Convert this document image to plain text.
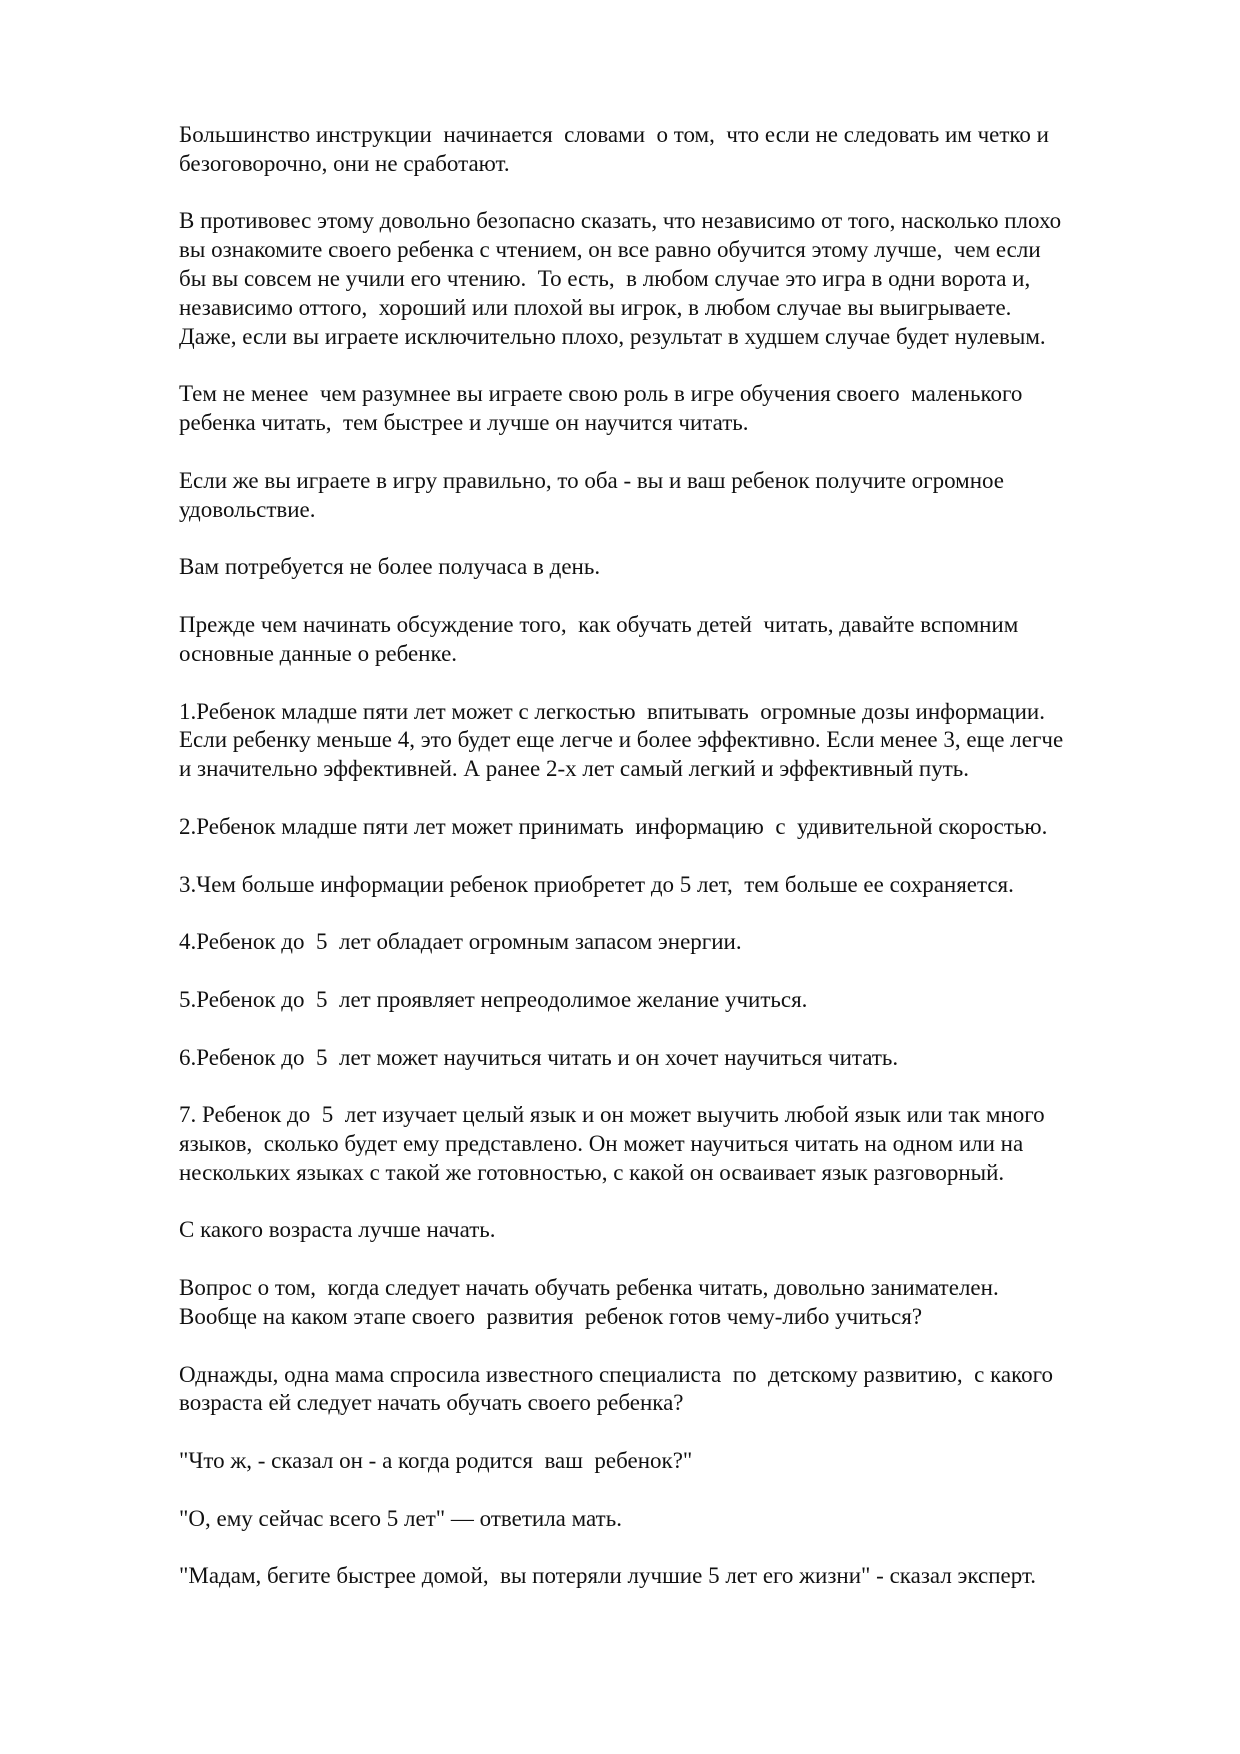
Большинство инструкции  начинается  словами  о том,  что если не следовать им четко и
безоговорочно, они не сработают.
В противовес этому довольно безопасно сказать, что независимо от того, насколько плохо
вы ознакомите своего ребенка с чтением, он все равно обучится этому лучше,  чем если
бы вы совсем не учили его чтению.  То есть,  в любом случае это игра в одни ворота и,
независимо оттого,  хороший или плохой вы игрок, в любом случае вы выигрываете.
Даже, если вы играете исключительно плохо, результат в худшем случае будет нулевым.
Тем не менее  чем разумнее вы играете свою роль в игре обучения своего  маленького
ребенка читать,  тем быстрее и лучше он научится читать.
Если же вы играете в игру правильно, то оба - вы и ваш ребенок получите огромное
удовольствие.
Вам потребуется не более получаса в день.
Прежде чем начинать обсуждение того,  как обучать детей  читать, давайте вспомним
основные данные о ребенке.
1.Ребенок младше пяти лет может с легкостью  впитывать  огромные дозы информации.
Если ребенку меньше 4, это будет еще легче и более эффективно. Если менее 3, еще легче
и значительно эффективней. А ранее 2-х лет самый легкий и эффективный путь.
2.Ребенок младше пяти лет может принимать  информацию  с  удивительной скоростью.
3.Чем больше информации ребенок приобретет до 5 лет,  тем больше ее сохраняется.
4.Ребенок до  5  лет обладает огромным запасом энергии.
5.Ребенок до  5  лет проявляет непреодолимое желание учиться.
6.Ребенок до  5  лет может научиться читать и он хочет научиться читать.
7. Ребенок до  5  лет изучает целый язык и он может выучить любой язык или так много
языков,  сколько будет ему представлено. Он может научиться читать на одном или на
нескольких языках с такой же готовностью, с какой он осваивает язык разговорный.
С какого возраста лучше начать.
Вопрос о том,  когда следует начать обучать ребенка читать, довольно занимателен.
Вообще на каком этапе своего  развития  ребенок готов чему-либо учиться?
Однажды, одна мама спросила известного специалиста  по  детскому развитию,  с какого
возраста ей следует начать обучать своего ребенка?
"Что ж, - сказал он - а когда родится  ваш  ребенок?"
"О, ему сейчас всего 5 лет" — ответила мать.
"Мадам, бегите быстрее домой,  вы потеряли лучшие 5 лет его жизни" - сказал эксперт.
